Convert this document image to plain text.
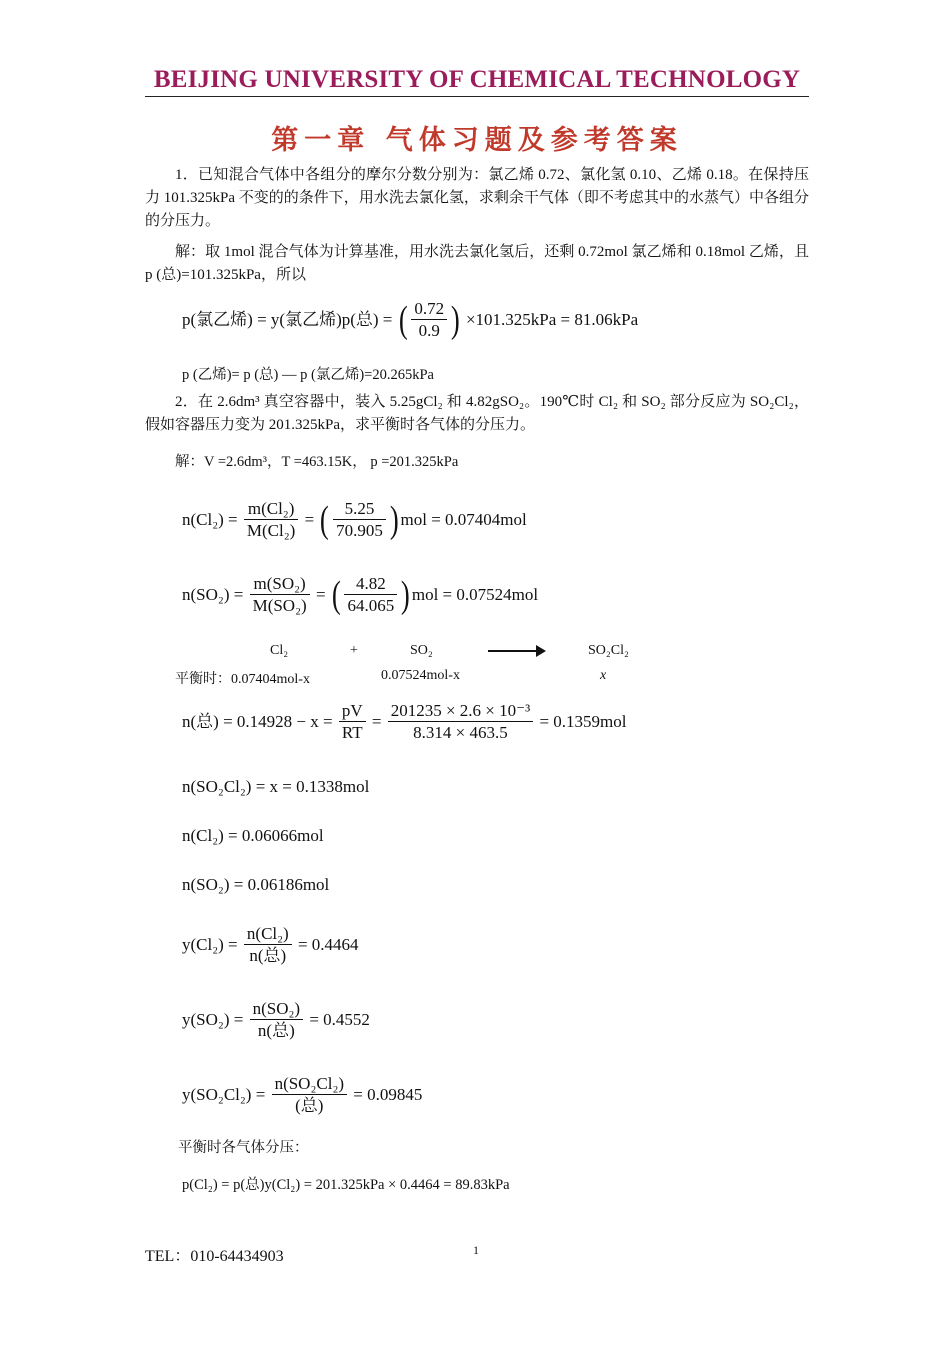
BEIJING UNIVERSITY OF CHEMICAL TECHNOLOGY
第一章 气体习题及参考答案
1．已知混合气体中各组分的摩尔分数分别为：氯乙烯 0.72、氯化氢 0.10、乙烯 0.18。在保持压力 101.325kPa 不变的的条件下，用水洗去氯化氢，求剩余干气体（即不考虑其中的水蒸气）中各组分的分压力。
解：取 1mol 混合气体为计算基准，用水洗去氯化氢后，还剩 0.72mol 氯乙烯和 0.18mol 乙烯，且 p (总)=101.325kPa，所以
p(氯乙烯) = y(氯乙烯)p(总) = ( $\frac{0.72}{0.9}$ ) ×101.325kPa = 81.06kPa
p (乙烯)= p (总) — p (氯乙烯)=20.265kPa
2．在 2.6dm³ 真空容器中，装入 5.25gCl₂ 和 4.82gSO₂。190℃时 Cl₂ 和 SO₂ 部分反应为 SO₂Cl₂，假如容器压力变为 201.325kPa，求平衡时各气体的分压力。
解：V =2.6dm³，T =463.15K， p =201.325kPa
$n(Cl_2) = \frac{\text{m(Cl₂)}}{\text{M(Cl₂)}}$ = ( $\frac{5.25}{70.905}$ ) mol = 0.07404mol
$n(SO_2) = \frac{\text{m(SO₂)}}{\text{M(SO₂)}}$ = ( $\frac{4.82}{64.065}$ ) mol = 0.07524mol
Cl₂	+	SO₂	SO₂Cl₂
平衡时：0.07404mol-x	0.07524mol-x	x
n(总) = $0.14928 - x = \frac{pV}{RT} = \frac{\text{201235 × 2.6 × 10⁻³}}{8.314 \times 463.5} = 0.1359mol$
n(SO₂Cl₂) = x = 0.1338mol
n(Cl₂) = 0.06066mol
n(SO₂) = 0.06186mol
$y(Cl_2) = \frac{\text{n(Cl₂)}}{\text{n(总)}} = 0.4464$
$y(SO_2) = \frac{\text{n(SO₂)}}{\text{n(总)}} = 0.4552$
$y(SO_2Cl_2) = \frac{\text{n(SO₂Cl₂)}}{\text{(总)}} = 0.09845$
平衡时各气体分压：
p(Cl₂) = p(总)y(Cl₂) = 201.325kPa × 0.4464 = 89.83kPa
TEL：010-64434903	1
